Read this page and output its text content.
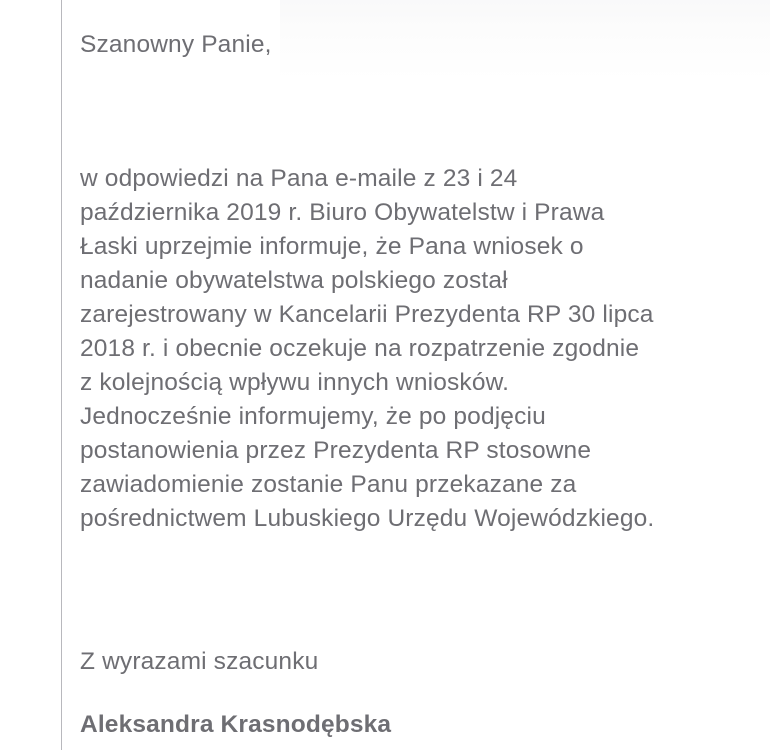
Szanowny Panie,
w odpowiedzi na Pana e-maile z 23 i 24
października 2019 r. Biuro Obywatelstw i Prawa
Łaski uprzejmie informuje, że Pana wniosek o
nadanie obywatelstwa polskiego został
zarejestrowany w Kancelarii Prezydenta RP 30 lipca
2018 r. i obecnie oczekuje na rozpatrzenie zgodnie
z kolejnością wpływu innych wniosków.
Jednocześnie informujemy, że po podjęciu
postanowienia przez Prezydenta RP stosowne
zawiadomienie zostanie Panu przekazane za
pośrednictwem Lubuskiego Urzędu Wojewódzkiego.
Z wyrazami szacunku
Aleksandra Krasnodębska
